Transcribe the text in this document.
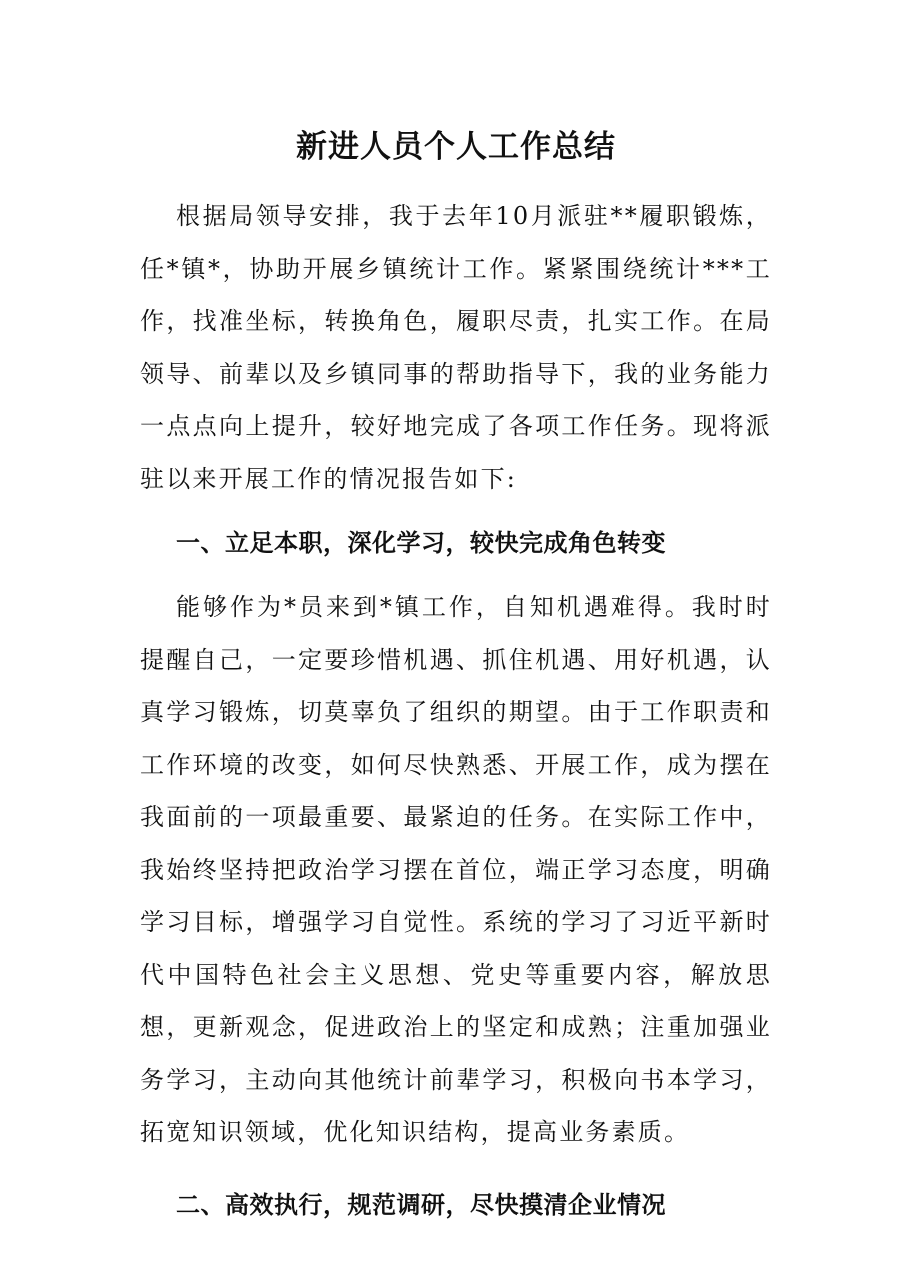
新进人员个人工作总结

根据局领导安排，我于去年10月派驻**履职锻炼，任*镇*，协助开展乡镇统计工作。紧紧围绕统计***工作，找准坐标，转换角色，履职尽责，扎实工作。在局领导、前辈以及乡镇同事的帮助指导下，我的业务能力一点点向上提升，较好地完成了各项工作任务。现将派驻以来开展工作的情况报告如下:

一、立足本职，深化学习，较快完成角色转变

能够作为*员来到*镇工作，自知机遇难得。我时时提醒自己，一定要珍惜机遇、抓住机遇、用好机遇，认真学习锻炼，切莫辜负了组织的期望。由于工作职责和工作环境的改变，如何尽快熟悉、开展工作，成为摆在我面前的一项最重要、最紧迫的任务。在实际工作中，我始终坚持把政治学习摆在首位，端正学习态度，明确学习目标，增强学习自觉性。系统的学习了习近平新时代中国特色社会主义思想、党史等重要内容，解放思想，更新观念，促进政治上的坚定和成熟；注重加强业务学习，主动向其他统计前辈学习，积极向书本学习，拓宽知识领域，优化知识结构，提高业务素质。

二、高效执行，规范调研，尽快摸清企业情况
